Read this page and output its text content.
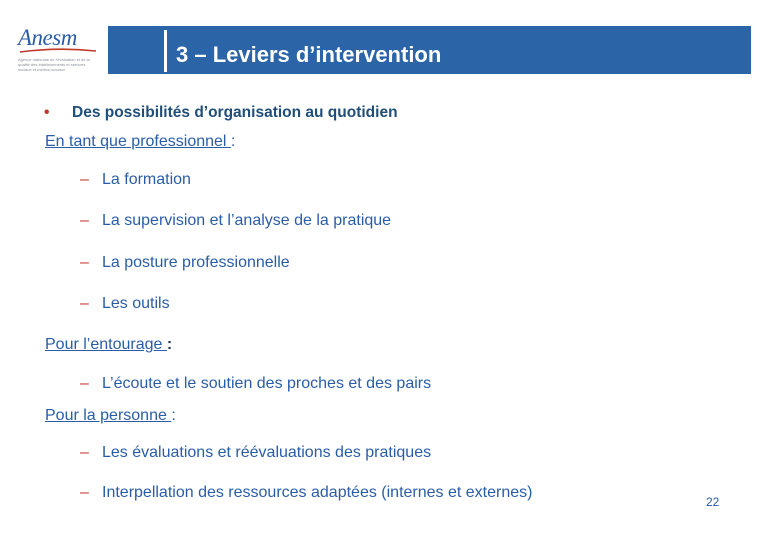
Anesm
Agence nationale de l'évaluation et de la qualité des établissements et services sociaux et médico-sociaux
3 – Leviers d’intervention
• Des possibilités d’organisation au quotidien
En tant que professionnel :
– La formation
– La supervision et l’analyse de la pratique
– La posture professionnelle
– Les outils
Pour l’entourage :
– L’écoute et le soutien des proches et des pairs
Pour la personne :
– Les évaluations et réévaluations des pratiques
– Interpellation des ressources adaptées (internes et externes)
22
